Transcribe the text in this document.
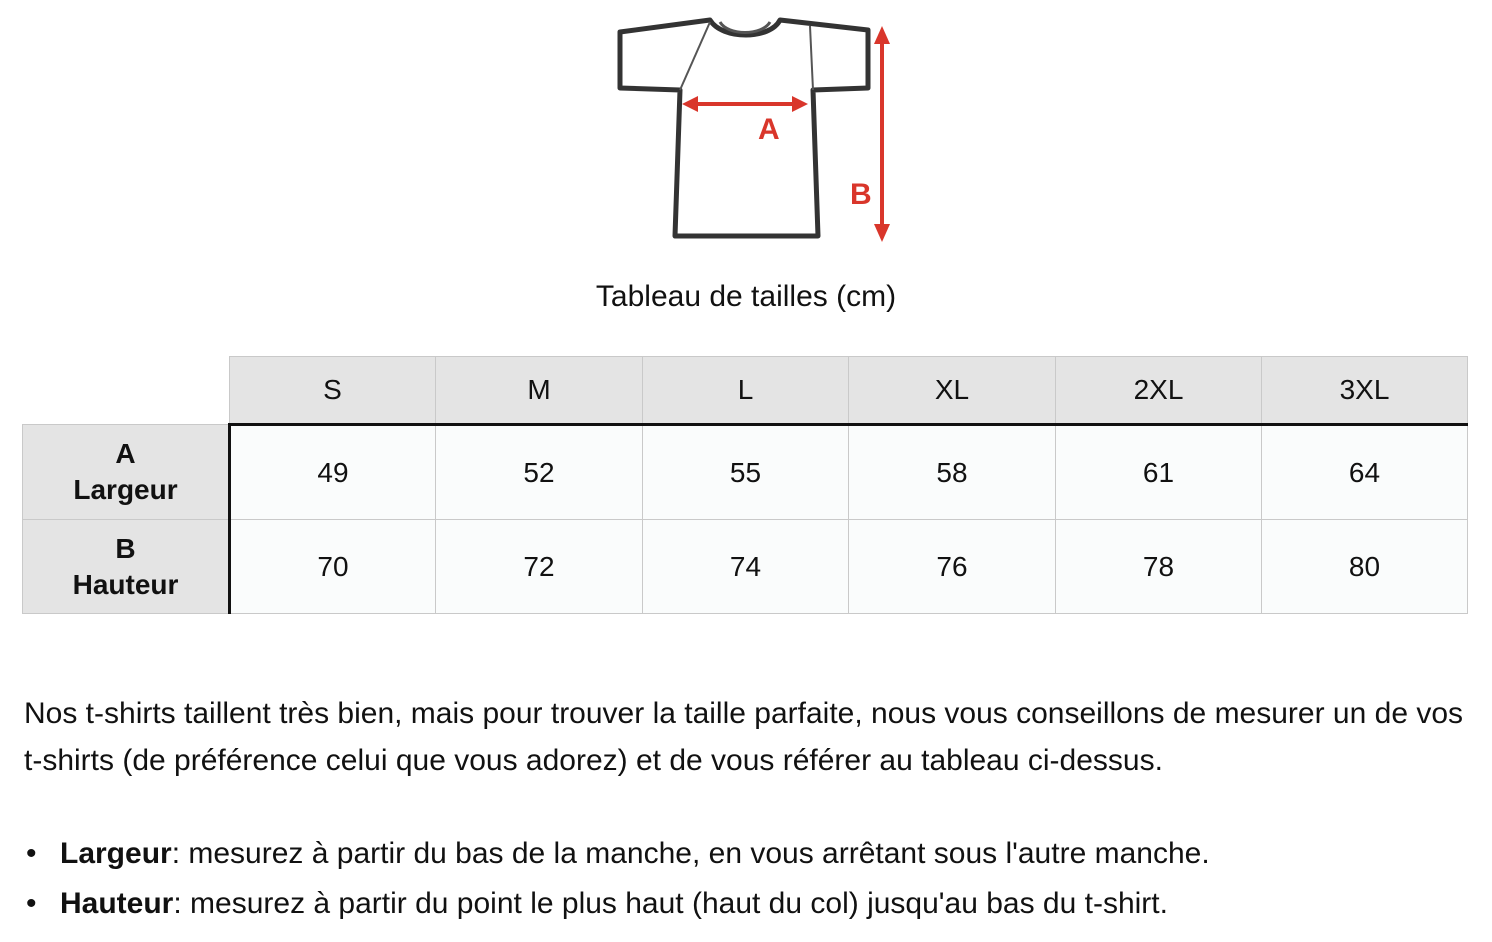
A
B
Tableau de tailles (cm)
	S	M	L	XL	2XL	3XL

A
Largeur	49	52	55	58	61	64

B
Hauteur	70	72	74	76	78	80

Nos t-shirts taillent très bien, mais pour trouver la taille parfaite, nous vous conseillons de mesurer un de vos t-shirts (de préférence celui que vous adorez) et de vous référer au tableau ci-dessus.

• Largeur: mesurez à partir du bas de la manche, en vous arrêtant sous l'autre manche.
• Hauteur: mesurez à partir du point le plus haut (haut du col) jusqu'au bas du t-shirt.
